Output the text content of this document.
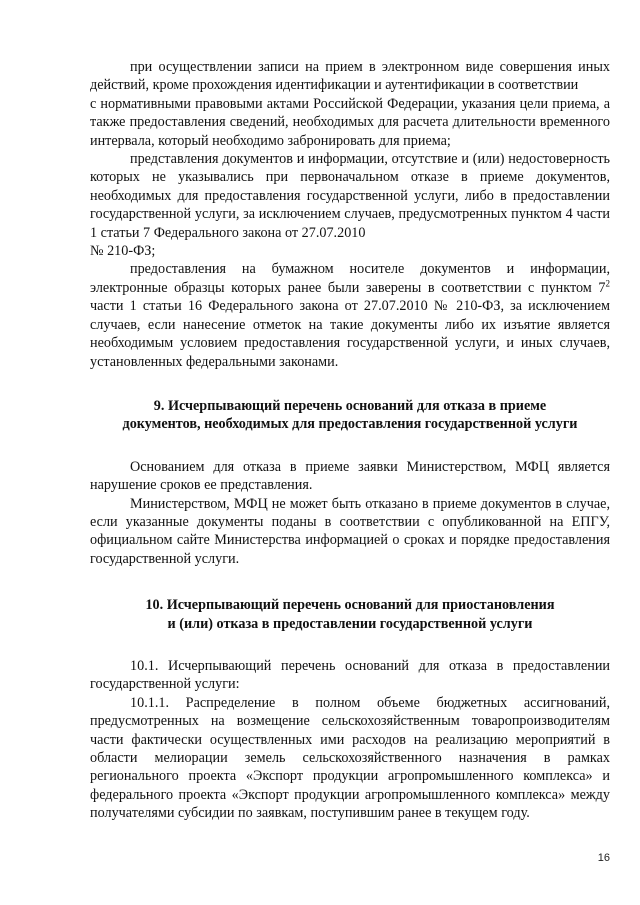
при осуществлении записи на прием в электронном виде совершения иных действий, кроме прохождения идентификации и аутентификации в соответствии

с нормативными правовыми актами Российской Федерации, указания цели приема, а также предоставления сведений, необходимых для расчета длительности временного интервала, который необходимо забронировать для приема;

представления документов и информации, отсутствие и (или) недостоверность которых не указывались при первоначальном отказе в приеме документов, необходимых для предоставления государственной услуги, либо в предоставлении государственной услуги, за исключением случаев, предусмотренных пунктом 4 части 1 статьи 7 Федерального закона от 27.07.2010

№ 210-ФЗ;

предоставления на бумажном носителе документов и информации, электронные образцы которых ранее были заверены в соответствии с пунктом $7^2$ части 1 статьи 16 Федерального закона от 27.07.2010 № 210-ФЗ, за исключением случаев, если нанесение отметок на такие документы либо их изъятие является необходимым условием предоставления государственной услуги, и иных случаев, установленных федеральными законами.

9. Исчерпывающий перечень оснований для отказа в приеме
документов, необходимых для предоставления государственной услуги

Основанием для отказа в приеме заявки Министерством, МФЦ является нарушение сроков ее представления.

Министерством, МФЦ не может быть отказано в приеме документов в случае, если указанные документы поданы в соответствии с опубликованной на ЕПГУ, официальном сайте Министерства информацией о сроках и порядке предоставления государственной услуги.

10. Исчерпывающий перечень оснований для приостановления
и (или) отказа в предоставлении государственной услуги

10.1. Исчерпывающий перечень оснований для отказа в предоставлении государственной услуги:

10.1.1. Распределение в полном объеме бюджетных ассигнований, предусмотренных на возмещение сельскохозяйственным товаропроизводителям части фактически осуществленных ими расходов на реализацию мероприятий в области мелиорации земель сельскохозяйственного назначения в рамках регионального проекта «Экспорт продукции агропромышленного комплекса» и федерального проекта «Экспорт продукции агропромышленного комплекса» между получателями субсидии по заявкам, поступившим ранее в текущем году.

16
